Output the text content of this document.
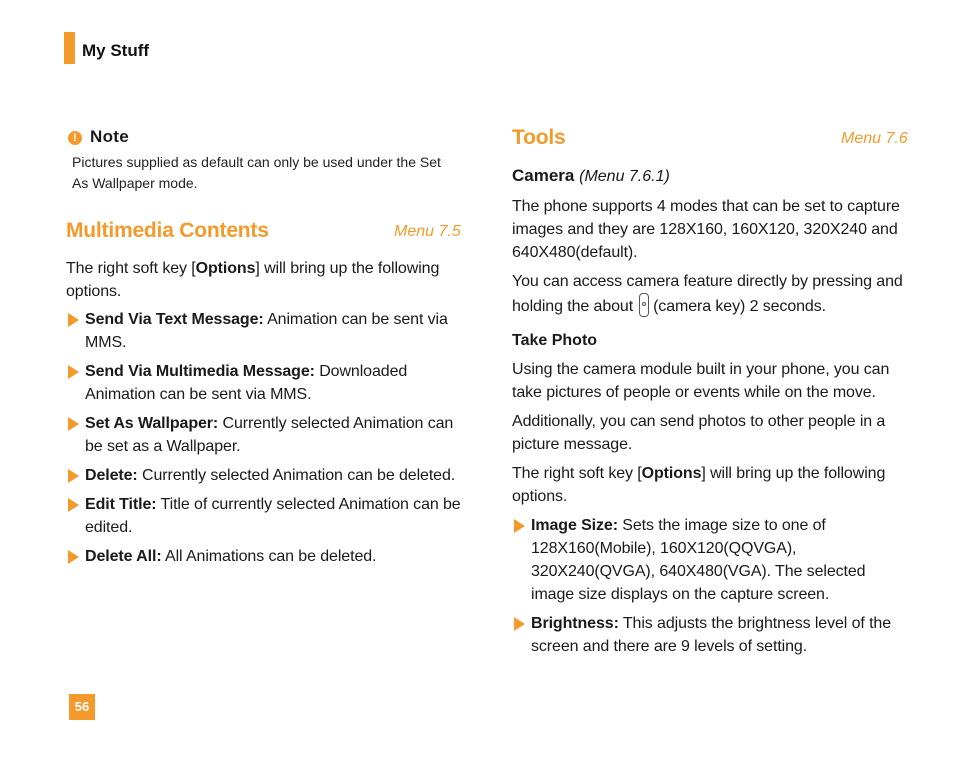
My Stuff
! Note
Pictures supplied as default can only be used under the Set As Wallpaper mode.
Multimedia Contents	Menu 7.5
The right soft key [Options] will bring up the following options.
Send Via Text Message: Animation can be sent via MMS.
Send Via Multimedia Message: Downloaded Animation can be sent via MMS.
Set As Wallpaper: Currently selected Animation can be set as a Wallpaper.
Delete: Currently selected Animation can be deleted.
Edit Title: Title of currently selected Animation can be edited.
Delete All: All Animations can be deleted.
Tools	Menu 7.6
Camera (Menu 7.6.1)
The phone supports 4 modes that can be set to capture images and they are 128X160, 160X120, 320X240 and 640X480(default).
You can access camera feature directly by pressing and holding the about (camera key) 2 seconds.
Take Photo
Using the camera module built in your phone, you can take pictures of people or events while on the move.
Additionally, you can send photos to other people in a picture message.
The right soft key [Options] will bring up the following options.
Image Size: Sets the image size to one of 128X160(Mobile), 160X120(QQVGA), 320X240(QVGA), 640X480(VGA). The selected image size displays on the capture screen.
Brightness: This adjusts the brightness level of the screen and there are 9 levels of setting.
56
